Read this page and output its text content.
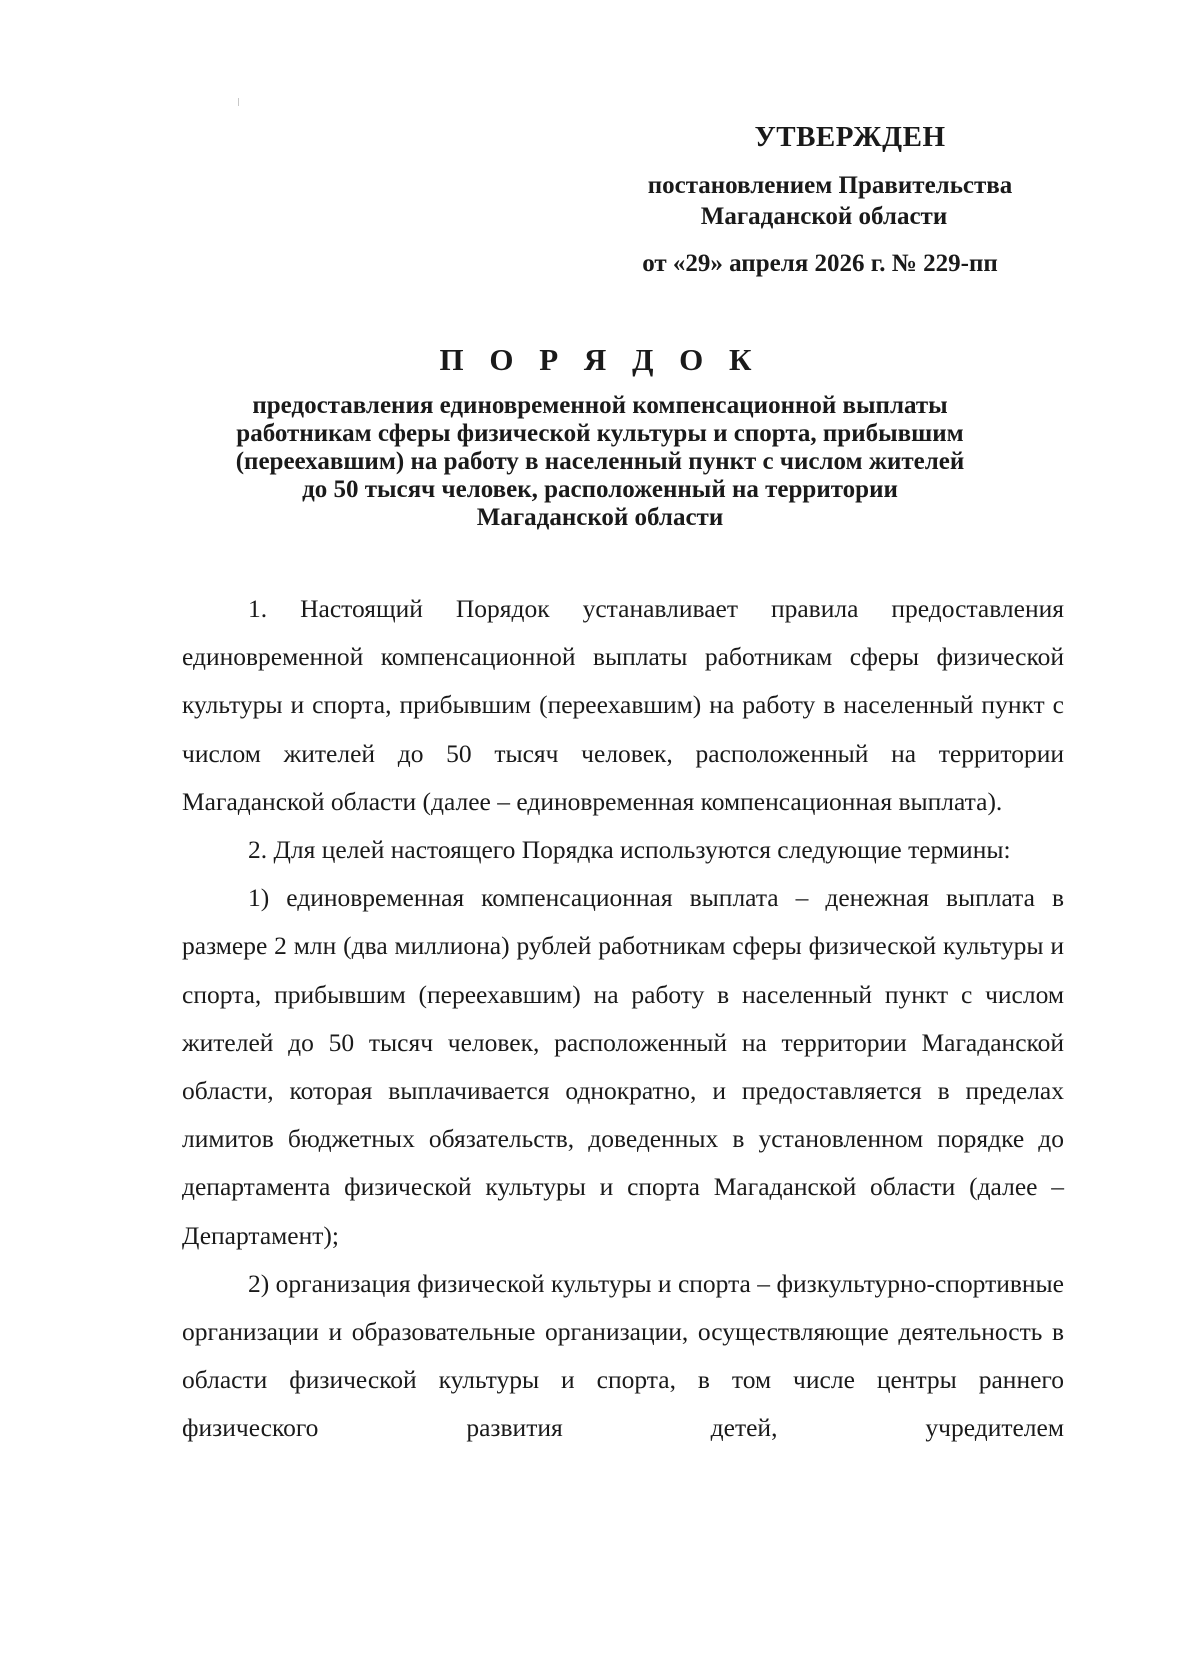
УТВЕРЖДЕН
постановлением Правительства
Магаданской области
от «29» апреля 2026 г. № 229-пп
П О Р Я Д О К
предоставления единовременной компенсационной выплаты
работникам сферы физической культуры и спорта, прибывшим
(переехавшим) на работу в населенный пункт с числом жителей
до 50 тысяч человек, расположенный на территории
Магаданской области

1. Настоящий Порядок устанавливает правила предоставления единовременной компенсационной выплаты работникам сферы физической культуры и спорта, прибывшим (переехавшим) на работу в населенный пункт с числом жителей до 50 тысяч человек, расположенный на территории Магаданской области (далее – единовременная компенсационная выплата).

2. Для целей настоящего Порядка используются следующие термины:

1) единовременная компенсационная выплата – денежная выплата в размере 2 млн (два миллиона) рублей работникам сферы физической культуры и спорта, прибывшим (переехавшим) на работу в населенный пункт с числом жителей до 50 тысяч человек, расположенный на территории Магаданской области, которая выплачивается однократно, и предоставляется в пределах лимитов бюджетных обязательств, доведенных в установленном порядке до департамента физической культуры и спорта Магаданской области (далее – Департамент);

2) организация физической культуры и спорта – физкультурно-спортивные организации и образовательные организации, осуществляющие деятельность в области физической культуры и спорта, в том числе центры раннего физического развития детей, учредителем
